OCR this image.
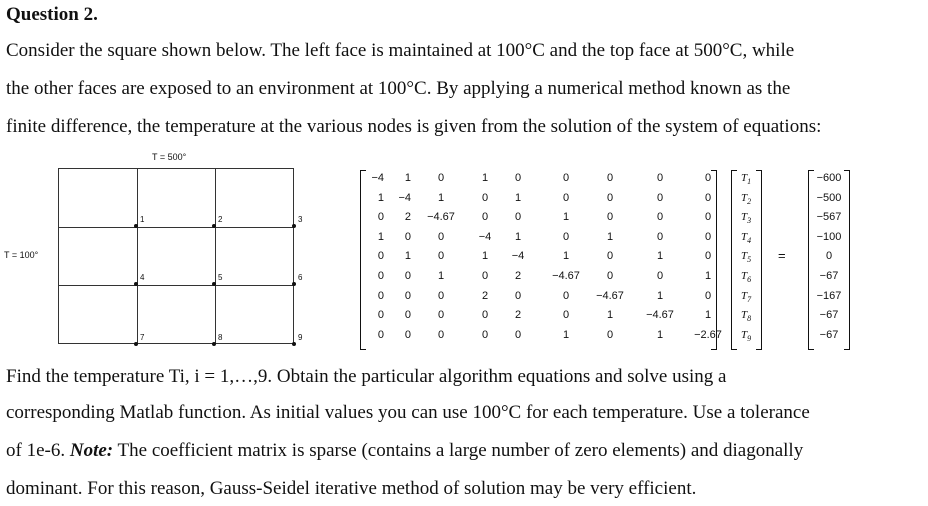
Question 2.
Consider the square shown below. The left face is maintained at 100°C and the top face at 500°C, while
the other faces are exposed to an environment at 100°C. By applying a numerical method known as the
finite difference, the temperature at the various nodes is given from the solution of the system of equations:
T = 500°
T = 100°
1	2	3
4	5	6
7	8	9
−4	1	0	1	0	0	0	0	0
1	−4	1	0	1	0	0	0	0
0	2	−4.67	0	0	1	0	0	0
1	0	0	−4	1	0	1	0	0
0	1	0	1	−4	1	0	1	0
0	0	1	0	2	−4.67	0	0	1
0	0	0	2	0	0	−4.67	1	0
0	0	0	0	2	0	1	−4.67	1
0	0	0	0	0	1	0	1	−2.67
$T_1$
$T_2$
$T_3$
$T_4$
$T_5$
$T_6$
$T_7$
$T_8$
$T_9$
=
−600
−500
−567
−100
0
−67
−167
−67
−67
Find the temperature Ti, i = 1,…,9. Obtain the particular algorithm equations and solve using a
corresponding Matlab function. As initial values you can use 100°C for each temperature. Use a tolerance
of 1e-6. Note: The coefficient matrix is sparse (contains a large number of zero elements) and diagonally
dominant. For this reason, Gauss-Seidel iterative method of solution may be very efficient.
